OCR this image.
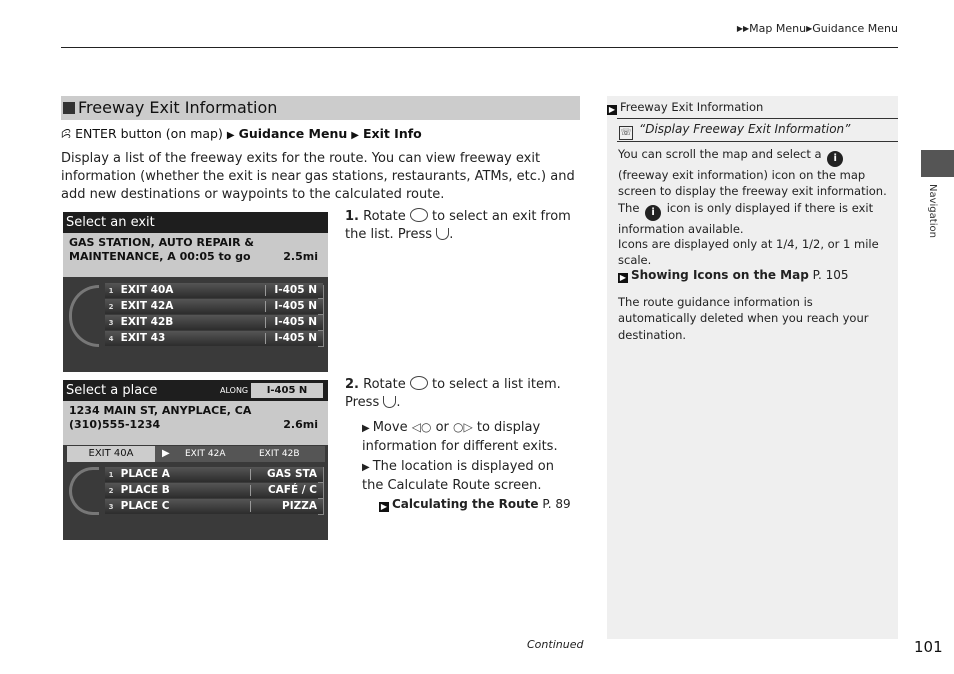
▶▶Map Menu▶Guidance Menu
Navigation
Freeway Exit Information
ꕸ ENTER button (on map) ▶ Guidance Menu ▶ Exit Info
Display a list of the freeway exits for the route. You can view freeway exit information (whether the exit is near gas stations, restaurants, ATMs, etc.) and add new destinations or waypoints to the calculated route.
Select an exit
GAS STATION, AUTO REPAIR &
MAINTENANCE, A 00:05 to go	2.5mi
1 EXIT 40A	I-405 N
2 EXIT 42A	I-405 N
3 EXIT 42B	I-405 N
4 EXIT 43	I-405 N
1. Rotate to select an exit from the list. Press .
Select a place	ALONG	I-405 N
1234 MAIN ST, ANYPLACE, CA
(310)555-1234	2.6mi
EXIT 40A	▶ EXIT 42A	EXIT 42B
1 PLACE A	GAS STA
2 PLACE B	CAFÉ / C
3 PLACE C	PIZZA
2. Rotate to select a list item. Press .
▶ Move ◁○ or ○▷ to display information for different exits.
▶ The location is displayed on the Calculate Route screen.
▶ Calculating the Route P. 89
▶ Freeway Exit Information
☏ “Display Freeway Exit Information”
You can scroll the map and select a i (freeway exit information) icon on the map screen to display the freeway exit information. The i icon is only displayed if there is exit information available.
Icons are displayed only at 1/4, 1/2, or 1 mile scale.
▶ Showing Icons on the Map P. 105
The route guidance information is automatically deleted when you reach your destination.
Continued	101
